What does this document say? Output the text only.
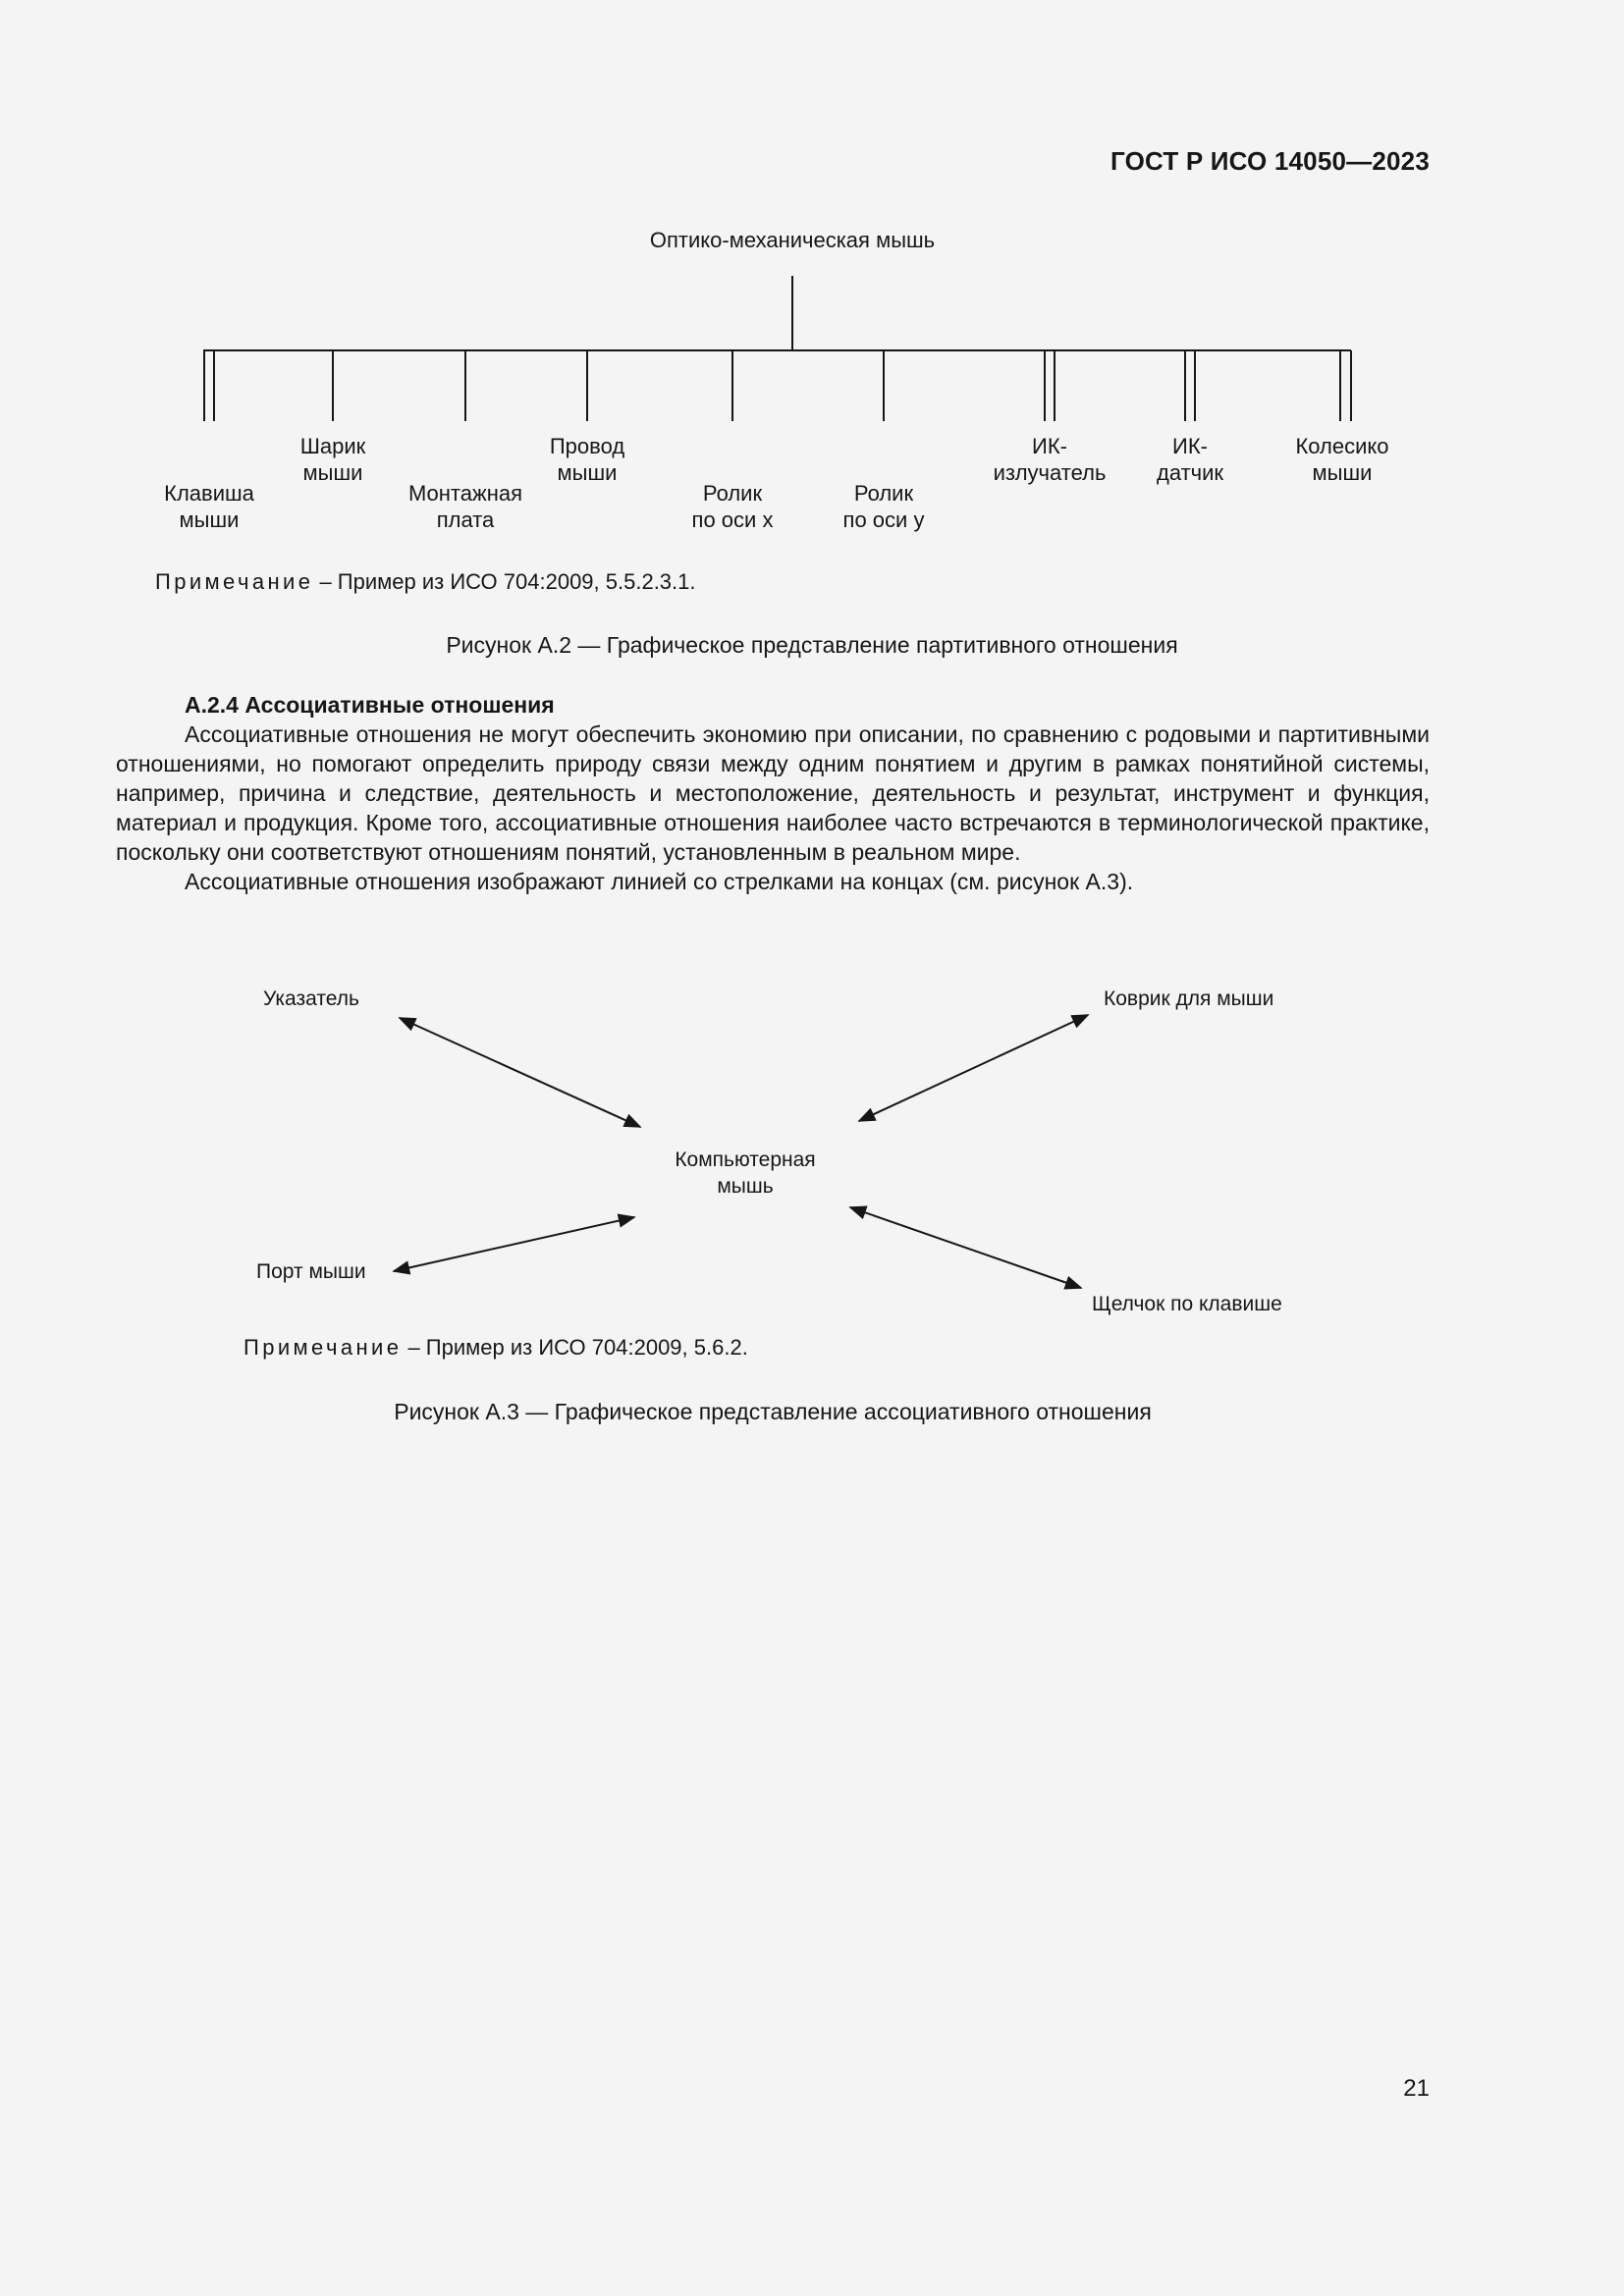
ГОСТ Р ИСО 14050—2023
Оптико-механическая мышь
Клавиша
мыши
Шарик
мыши
Монтажная
плата
Провод
мыши
Ролик
по оси х
Ролик
по оси у
ИК-
излучатель
ИК-
датчик
Колесико
мыши
Примечание – Пример из ИСО 704:2009, 5.5.2.3.1.
Рисунок А.2 — Графическое представление партитивного отношения
А.2.4 Ассоциативные отношения

Ассоциативные отношения не могут обеспечить экономию при описании, по сравнению с родовыми и партитивными отношениями, но помогают определить природу связи между одним понятием и другим в рамках понятийной системы, например, причина и следствие, деятельность и местоположение, деятельность и результат, инструмент и функция, материал и продукция. Кроме того, ассоциативные отношения наиболее часто встречаются в терминологической практике, поскольку они соответствуют отношениям понятий, установленным в реальном мире.

Ассоциативные отношения изображают линией со стрелками на концах (см. рисунок А.3).

Компьютерная
мышь
Указатель	Коврик для мыши
Порт мыши
Щелчок по клавише
Примечание – Пример из ИСО 704:2009, 5.6.2.
Рисунок А.3 — Графическое представление ассоциативного отношения
21
